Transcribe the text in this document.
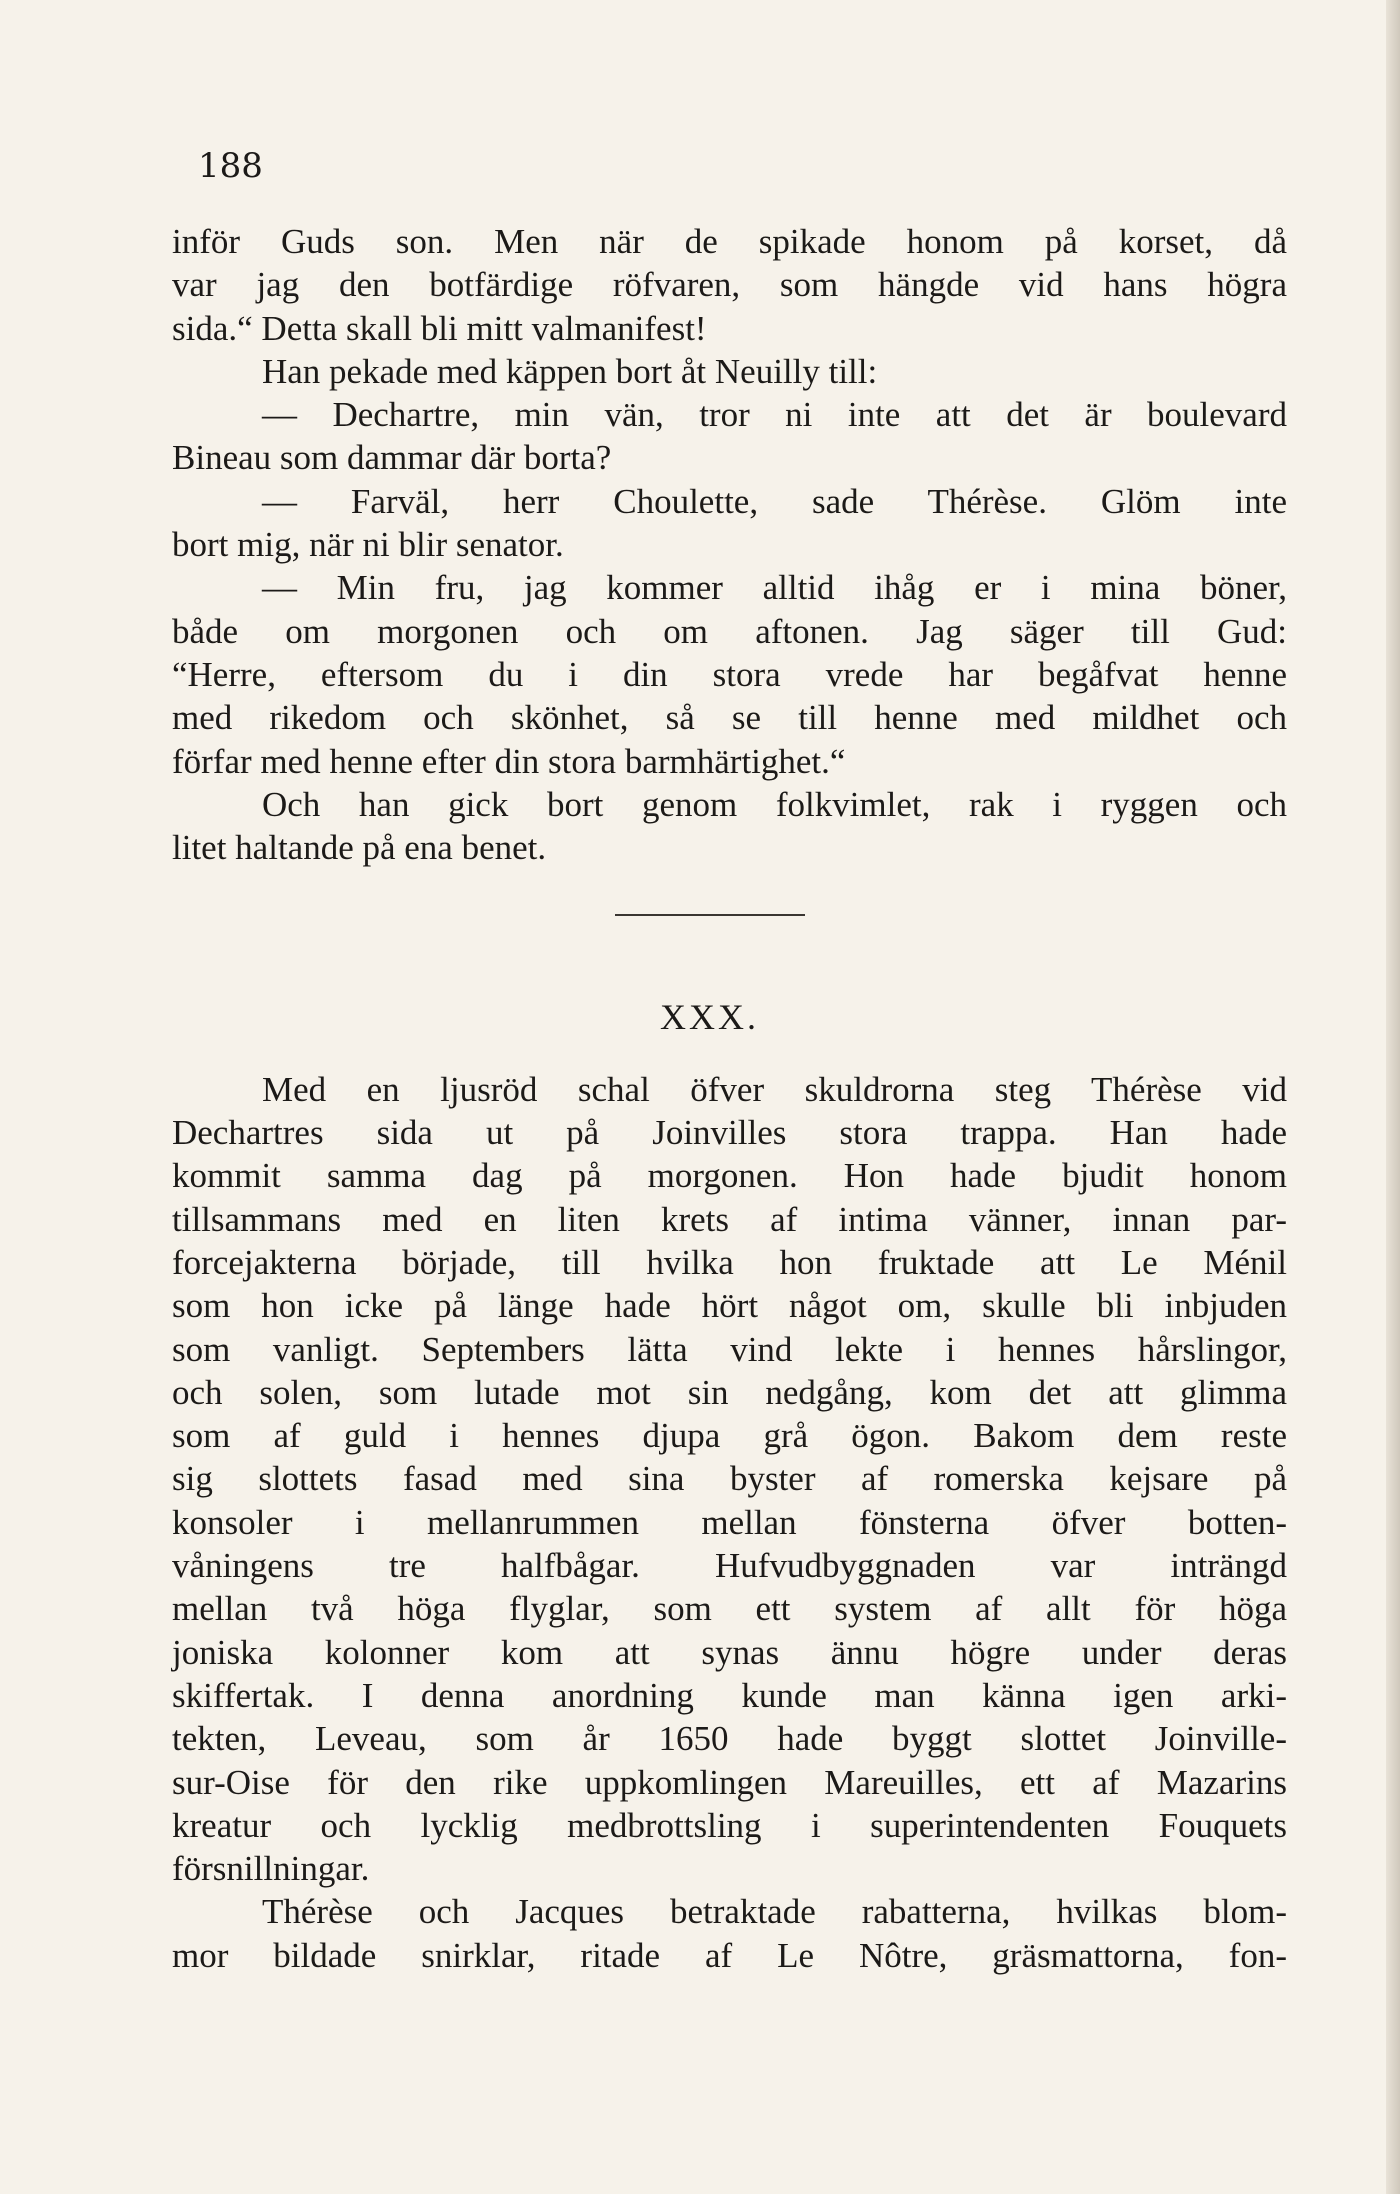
188
inför Guds son. Men när de spikade honom på korset, då
var jag den botfärdige röfvaren, som hängde vid hans högra
sida.“ Detta skall bli mitt valmanifest!
Han pekade med käppen bort åt Neuilly till:
— Dechartre, min vän, tror ni inte att det är boulevard
Bineau som dammar där borta?
— Farväl, herr Choulette, sade Thérèse. Glöm inte
bort mig, när ni blir senator.
— Min fru, jag kommer alltid ihåg er i mina böner,
både om morgonen och om aftonen. Jag säger till Gud:
“Herre, eftersom du i din stora vrede har begåfvat henne
med rikedom och skönhet, så se till henne med mildhet och
förfar med henne efter din stora barmhärtighet.“
Och han gick bort genom folkvimlet, rak i ryggen och
litet haltande på ena benet.
XXX.
Med en ljusröd schal öfver skuldrorna steg Thérèse vid
Dechartres sida ut på Joinvilles stora trappa. Han hade
kommit samma dag på morgonen. Hon hade bjudit honom
tillsammans med en liten krets af intima vänner, innan par-
forcejakterna började, till hvilka hon fruktade att Le Ménil
som hon icke på länge hade hört något om, skulle bli inbjuden
som vanligt. Septembers lätta vind lekte i hennes hårslingor,
och solen, som lutade mot sin nedgång, kom det att glimma
som af guld i hennes djupa grå ögon. Bakom dem reste
sig slottets fasad med sina byster af romerska kejsare på
konsoler i mellanrummen mellan fönsterna öfver botten-
våningens tre halfbågar. Hufvudbyggnaden var inträngd
mellan två höga flyglar, som ett system af allt för höga
joniska kolonner kom att synas ännu högre under deras
skiffertak. I denna anordning kunde man känna igen arki-
tekten, Leveau, som år 1650 hade byggt slottet Joinville-
sur-Oise för den rike uppkomlingen Mareuilles, ett af Mazarins
kreatur och lycklig medbrottsling i superintendenten Fouquets
försnillningar.
Thérèse och Jacques betraktade rabatterna, hvilkas blom-
mor bildade snirklar, ritade af Le Nôtre, gräsmattorna, fon-
